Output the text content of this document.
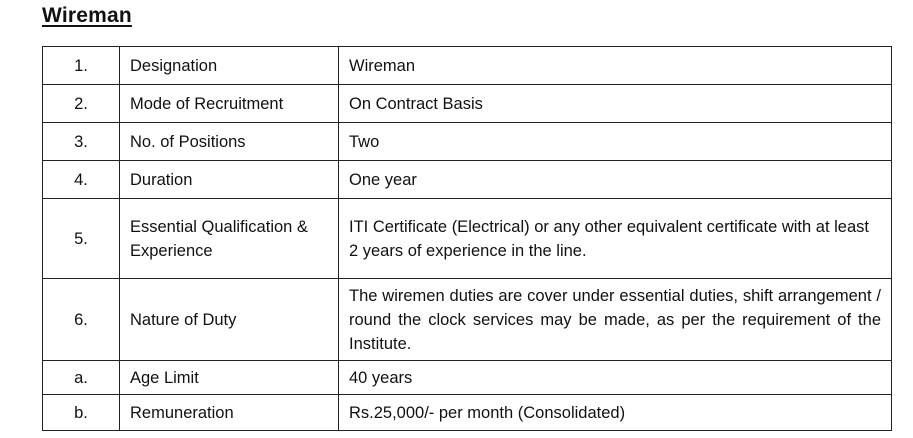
Wireman
1.	Designation	Wireman
2.	Mode of Recruitment	On Contract Basis
3.	No. of Positions	Two
4.	Duration	One year
5.	Essential Qualification & Experience	ITI Certificate (Electrical) or any other equivalent certificate with at least 2 years of experience in the line.
6.	Nature of Duty	The wiremen duties are cover under essential duties, shift arrangement / round the clock services may be made, as per the requirement of the Institute.
a.	Age Limit	40 years
b.	Remuneration	Rs.25,000/- per month (Consolidated)
